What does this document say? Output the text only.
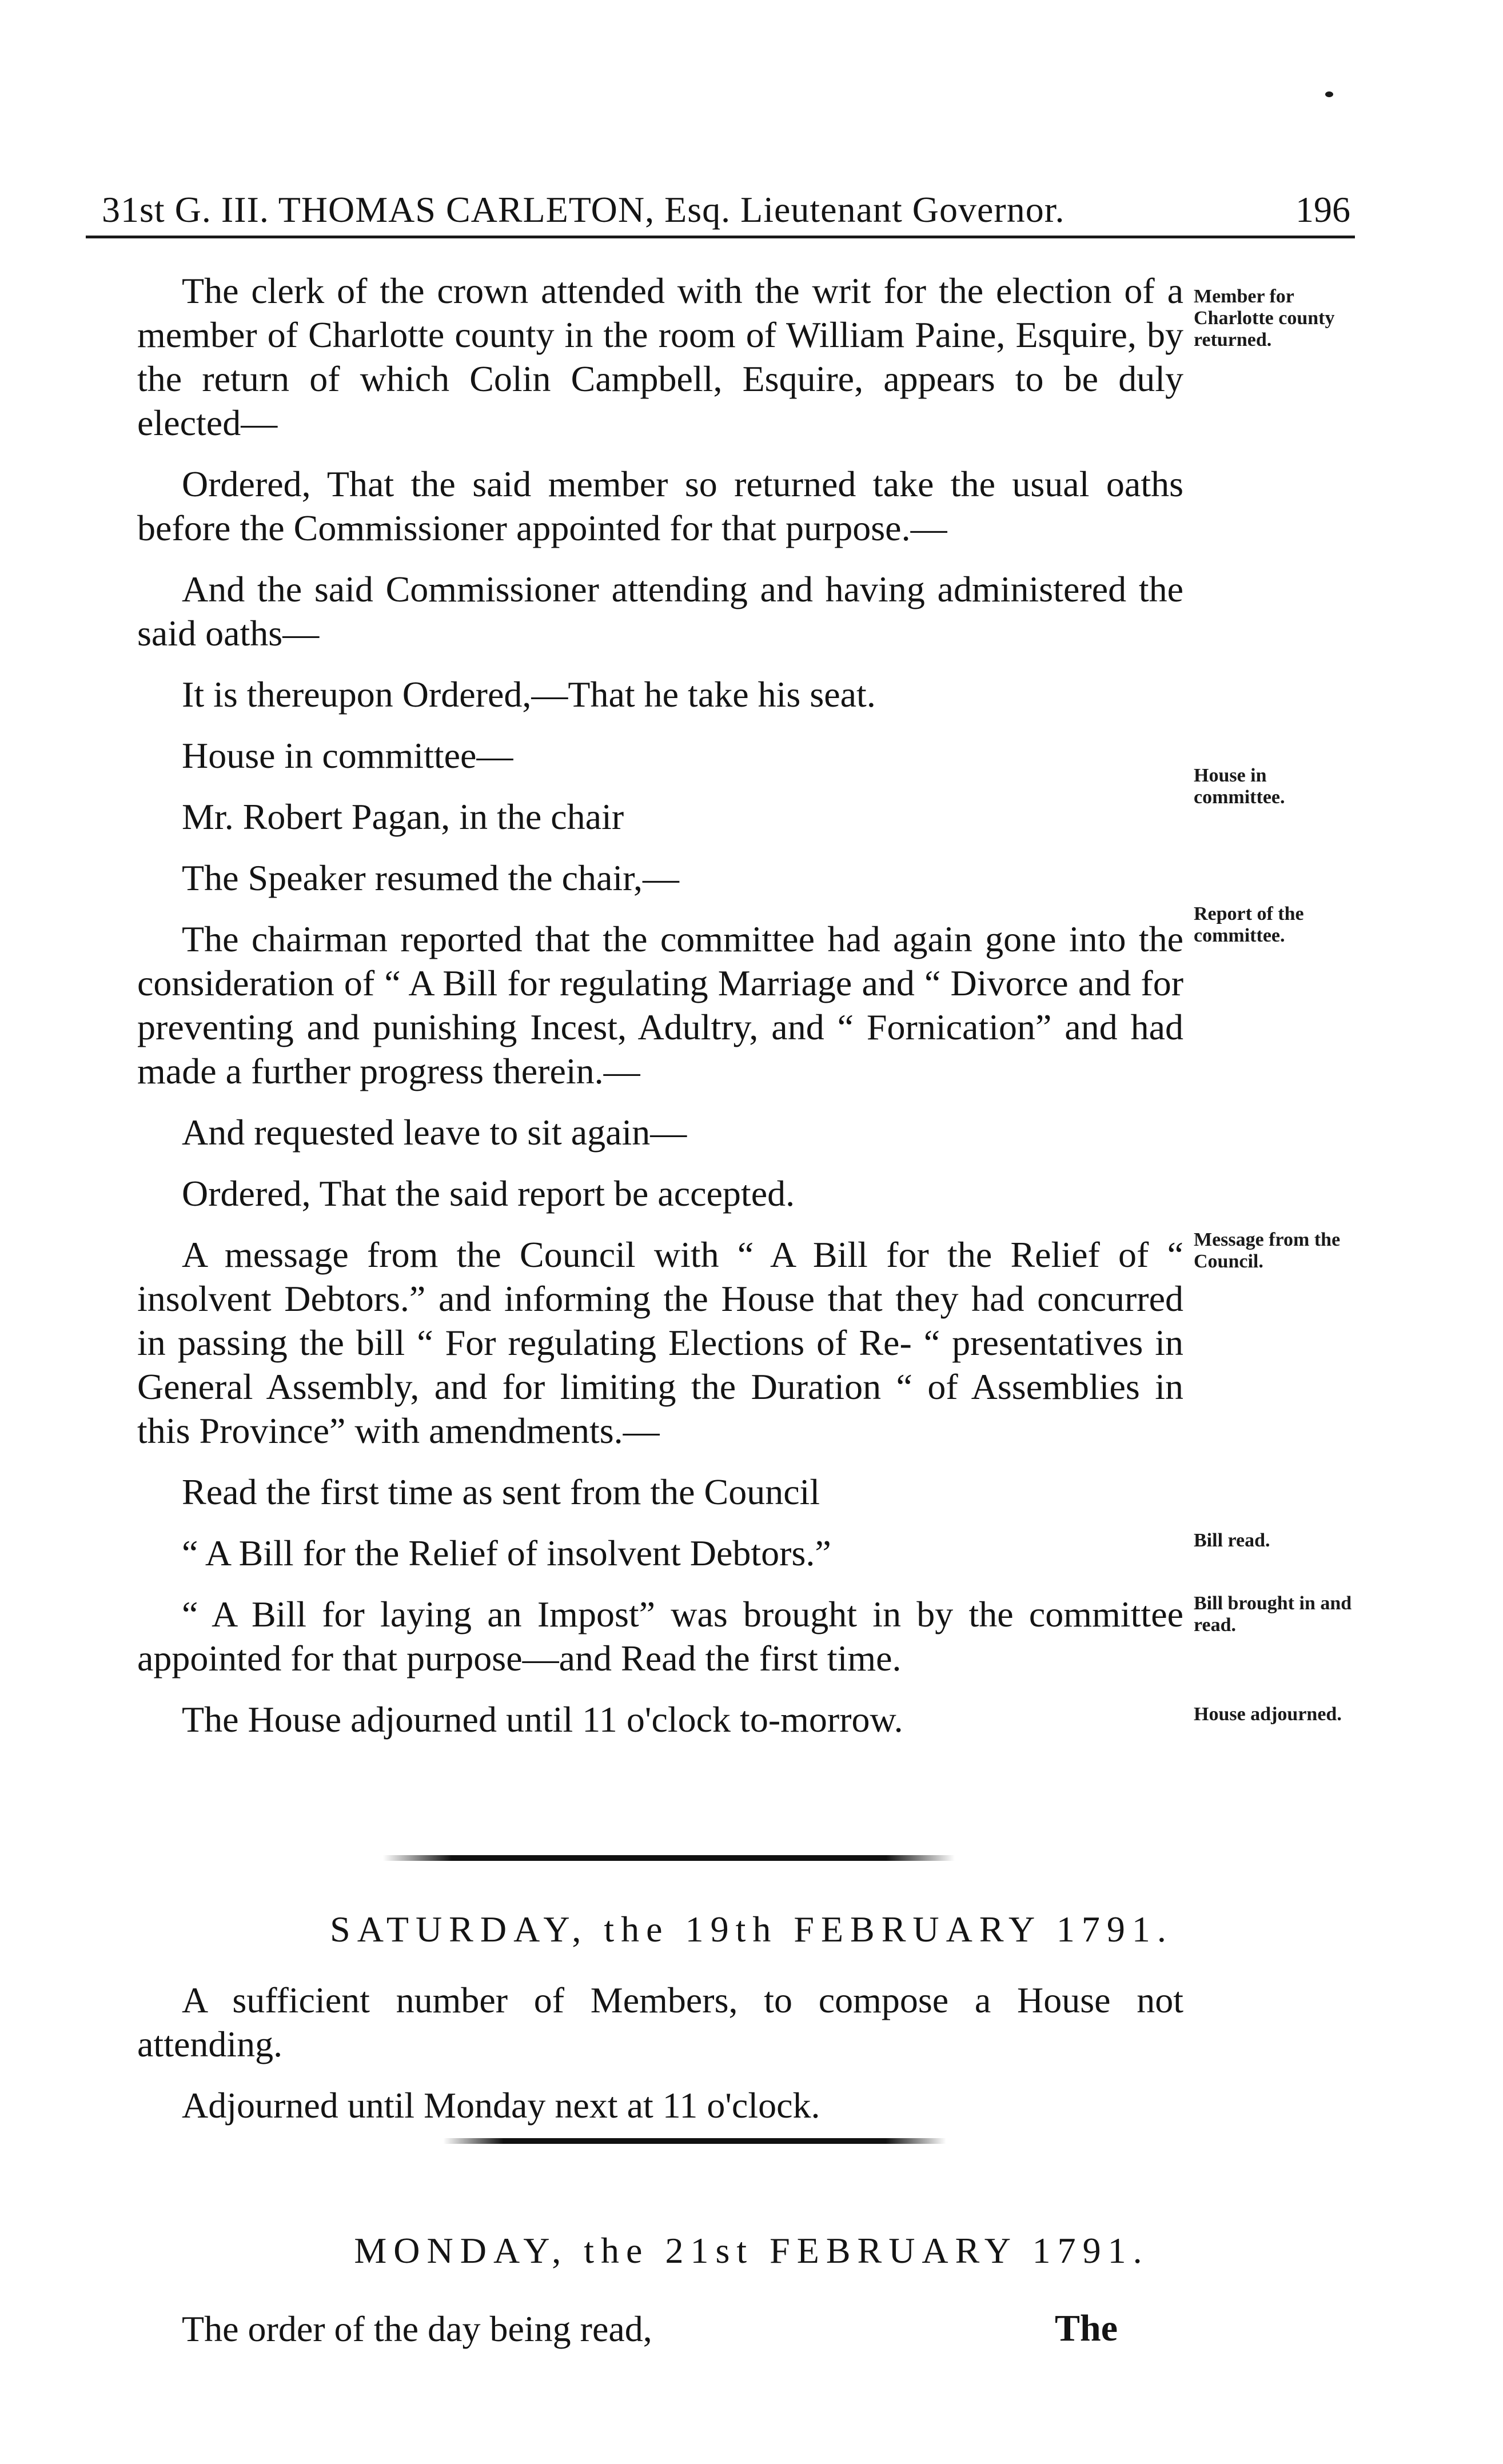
31st G. III. THOMAS CARLETON, Esq. Lieutenant Governor.	196

The clerk of the crown attended with the writ for the election of a member of Charlotte county in the room of William Paine, Esquire, by the return of which Colin Campbell, Esquire, appears to be duly elected—

Ordered, That the said member so returned take the usual oaths before the Commissioner appointed for that purpose.—

And the said Commissioner attending and having administered the said oaths—

It is thereupon Ordered,—That he take his seat.

House in committee—

Mr. Robert Pagan, in the chair

The Speaker resumed the chair,—

The chairman reported that the committee had again gone into the consideration of “ A Bill for regulating Marriage and “ Divorce and for preventing and punishing Incest, Adultry, and “ Fornication” and had made a further progress therein.—

And requested leave to sit again—

Ordered, That the said report be accepted.

A message from the Council with “ A Bill for the Relief of “ insolvent Debtors.” and informing the House that they had concurred in passing the bill “ For regulating Elections of Re- “ presentatives in General Assembly, and for limiting the Duration “ of Assemblies in this Province” with amendments.—

Read the first time as sent from the Council

“ A Bill for the Relief of insolvent Debtors.”

“ A Bill for laying an Impost” was brought in by the committee appointed for that purpose—and Read the first time.

The House adjourned until 11 o'clock to-morrow.

Member for Charlotte county returned.
House in committee.
Report of the committee.
Message from the Council.
Bill read.
Bill brought in and read.
House adjourned.
SATURDAY, the 19th FEBRUARY 1791.

A sufficient number of Members, to compose a House not attending.

Adjourned until Monday next at 11 o'clock.

MONDAY, the 21st FEBRUARY 1791.

The order of the day being read,	The
